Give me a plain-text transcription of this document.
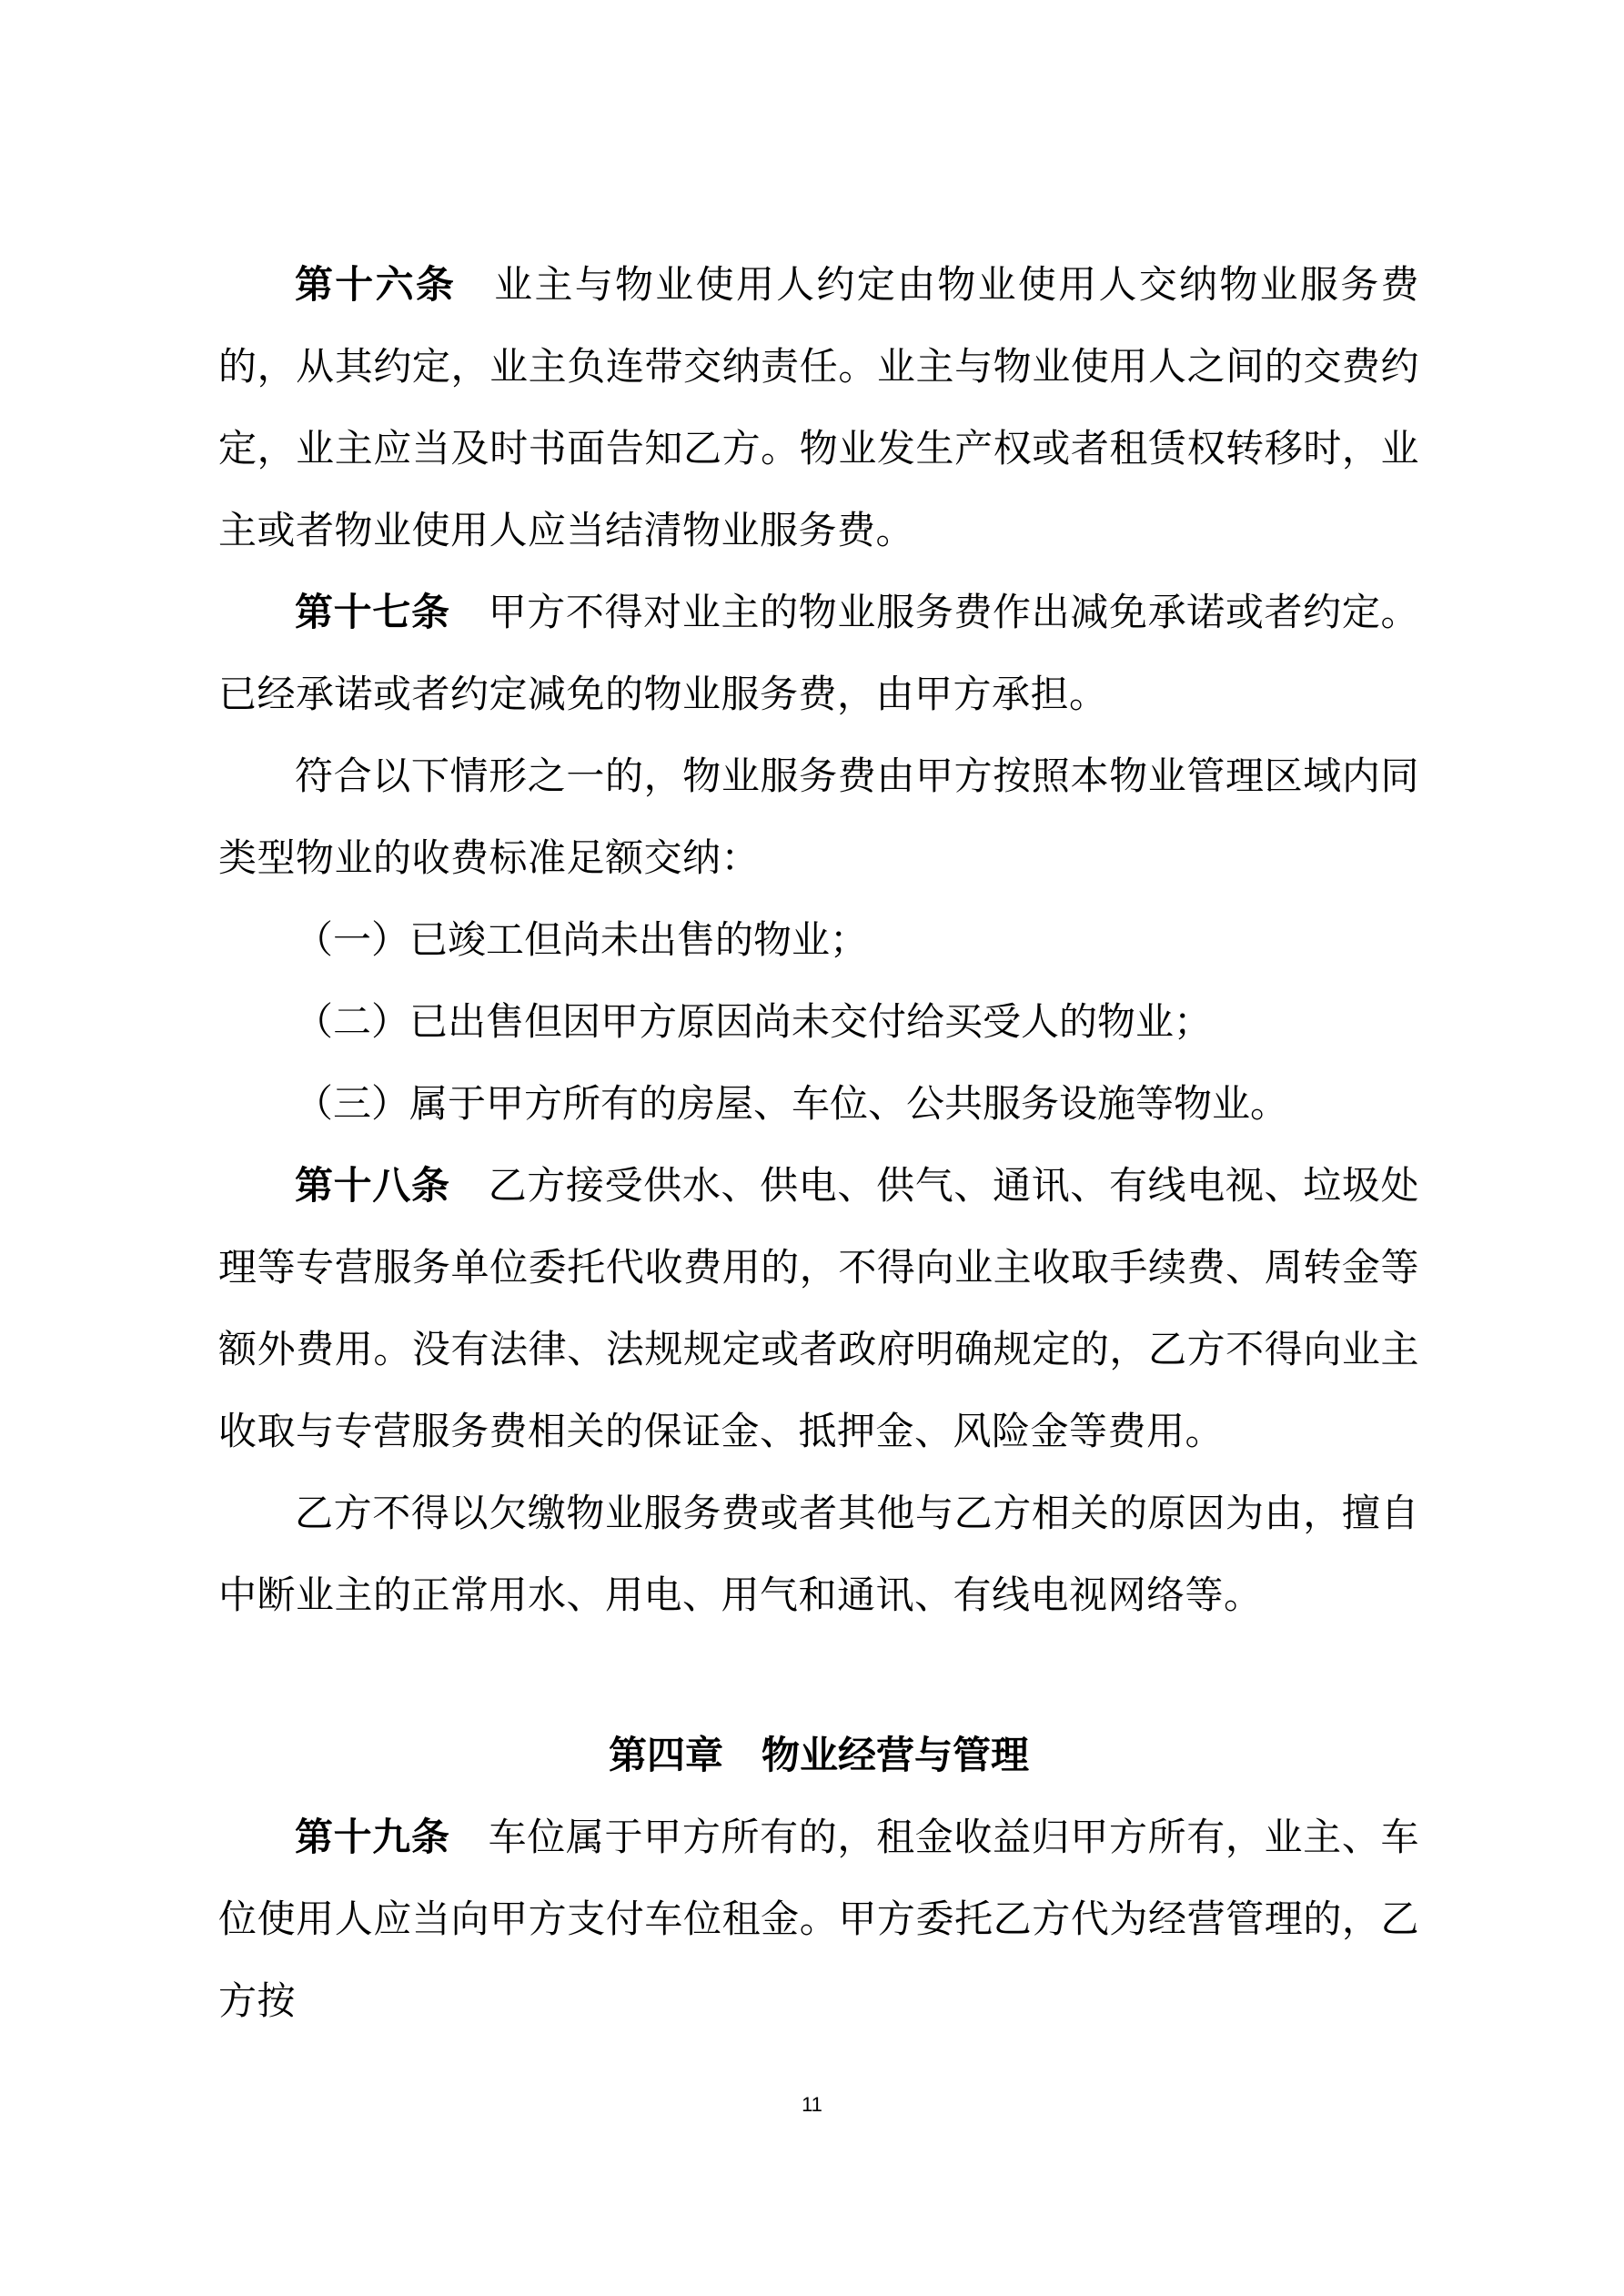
第十六条 业主与物业使用人约定由物业使用人交纳物业服务费的，从其约定，业主负连带交纳责任。业主与物业使用人之间的交费约定，业主应当及时书面告知乙方。物业发生产权或者租赁权转移时，业主或者物业使用人应当结清物业服务费。

第十七条 甲方不得对业主的物业服务费作出减免承诺或者约定。已经承诺或者约定减免的物业服务费，由甲方承担。

符合以下情形之一的，物业服务费由甲方按照本物业管理区域内同类型物业的收费标准足额交纳：

（一）已竣工但尚未出售的物业；

（二）已出售但因甲方原因尚未交付给买受人的物业；

（三）属于甲方所有的房屋、车位、公共服务设施等物业。

第十八条 乙方接受供水、供电、供气、通讯、有线电视、垃圾处理等专营服务单位委托代收费用的，不得向业主收取手续费、周转金等额外费用。没有法律、法规规定或者政府明确规定的，乙方不得向业主收取与专营服务费相关的保证金、抵押金、风险金等费用。

乙方不得以欠缴物业服务费或者其他与乙方相关的原因为由，擅自中断业主的正常用水、用电、用气和通讯、有线电视网络等。

第四章 物业经营与管理

第十九条 车位属于甲方所有的，租金收益归甲方所有，业主、车位使用人应当向甲方支付车位租金。甲方委托乙方代为经营管理的，乙方按

11
